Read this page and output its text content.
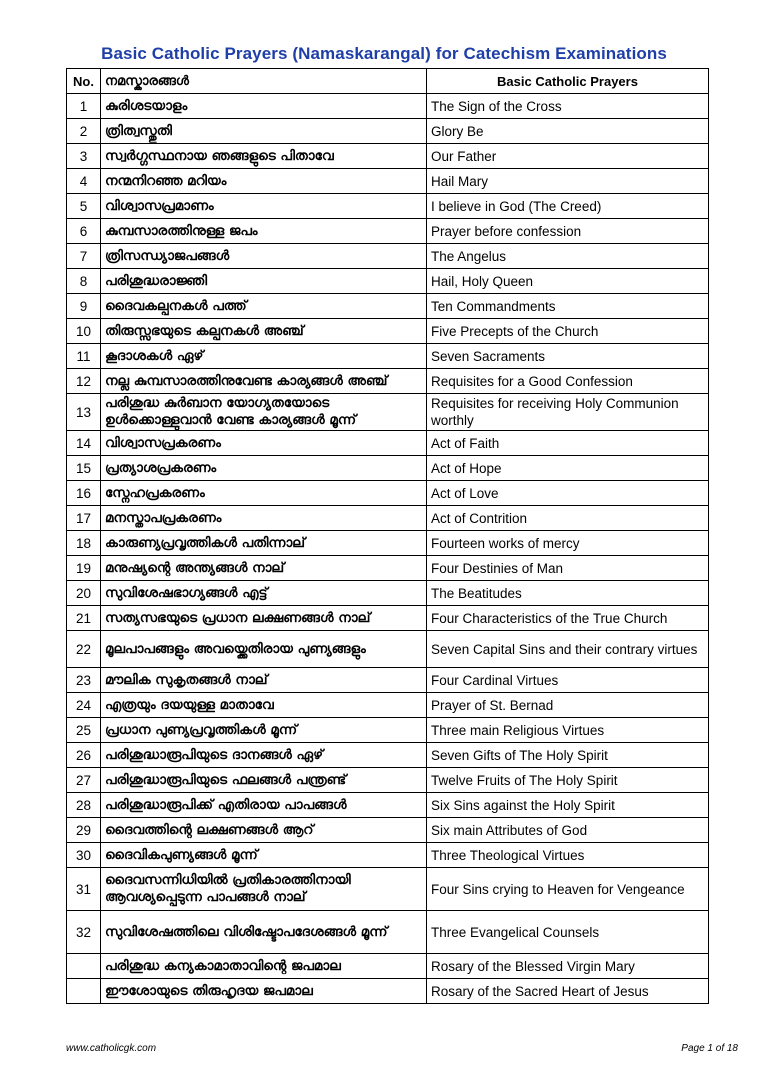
Basic Catholic Prayers (Namaskarangal) for Catechism Examinations
No.	നമസ്കാരങ്ങൾ	Basic Catholic Prayers
1	കുരിശടയാളം	The Sign of the Cross
2	ത്രിത്വസ്തുതി	Glory Be
3	സ്വർഗ്ഗസ്ഥനായ ഞങ്ങളുടെ പിതാവേ	Our Father
4	നന്മനിറഞ്ഞ മറിയം	Hail Mary
5	വിശ്വാസപ്രമാണം	I believe in God (The Creed)
6	കുമ്പസാരത്തിനുള്ള ജപം	Prayer before confession
7	ത്രിസന്ധ്യാജപങ്ങൾ	The Angelus
8	പരിശുദ്ധരാജ്ഞി	Hail, Holy Queen
9	ദൈവകല്പനകൾ പത്ത്	Ten Commandments
10	തിരുസ്സഭയുടെ കല്പനകൾ അഞ്ച്	Five Precepts of the Church
11	കൂദാശകൾ ഏഴ്	Seven Sacraments
12	നല്ല കുമ്പസാരത്തിനുവേണ്ട കാര്യങ്ങൾ അഞ്ച്	Requisites for a Good Confession
13	പരിശുദ്ധ കുർബാന യോഗ്യതയോടെ
ഉൾക്കൊള്ളുവാൻ വേണ്ട കാര്യങ്ങൾ മൂന്ന്	Requisites for receiving Holy Communion worthly
14	വിശ്വാസപ്രകരണം	Act of Faith
15	പ്രത്യാശപ്രകരണം	Act of Hope
16	സ്നേഹപ്രകരണം	Act of Love
17	മനസ്താപപ്രകരണം	Act of Contrition
18	കാരുണ്യപ്രവൃത്തികൾ പതിന്നാല്	Fourteen works of mercy
19	മനുഷ്യന്റെ അന്ത്യങ്ങൾ നാല്	Four Destinies of Man
20	സുവിശേഷഭാഗ്യങ്ങൾ എട്ട്	The Beatitudes
21	സത്യസഭയുടെ പ്രധാന ലക്ഷണങ്ങൾ നാല്	Four Characteristics of the True Church
22	മൂലപാപങ്ങളും അവയ്ക്കെതിരായ പുണ്യങ്ങളും	Seven Capital Sins and their contrary virtues
23	മൗലിക സുകൃതങ്ങൾ നാല്	Four Cardinal Virtues
24	എത്രയും ദയയുള്ള മാതാവേ	Prayer of St. Bernad
25	പ്രധാന പുണ്യപ്രവൃത്തികൾ മൂന്ന്	Three main Religious Virtues
26	പരിശുദ്ധാരൂപിയുടെ ദാനങ്ങൾ ഏഴ്	Seven Gifts of The Holy Spirit
27	പരിശുദ്ധാരൂപിയുടെ ഫലങ്ങൾ പന്ത്രണ്ട്	Twelve Fruits of The Holy Spirit
28	പരിശുദ്ധാരൂപിക്ക് എതിരായ പാപങ്ങൾ	Six Sins against the Holy Spirit
29	ദൈവത്തിന്റെ ലക്ഷണങ്ങൾ ആറ്	Six main Attributes of God
30	ദൈവികപുണ്യങ്ങൾ മൂന്ന്	Three Theological Virtues
31	ദൈവസന്നിധിയിൽ പ്രതികാരത്തിനായി
ആവശ്യപ്പെടുന്ന പാപങ്ങൾ നാല്	Four Sins crying to Heaven for Vengeance
32	സുവിശേഷത്തിലെ വിശിഷ്ടോപദേശങ്ങൾ മൂന്ന്	Three Evangelical Counsels
	പരിശുദ്ധ കന്യകാമാതാവിന്റെ ജപമാല	Rosary of the Blessed Virgin Mary
	ഈശോയുടെ തിരുഹൃദയ ജപമാല	Rosary of the Sacred Heart of Jesus
www.catholicgk.com	Page 1 of 18
